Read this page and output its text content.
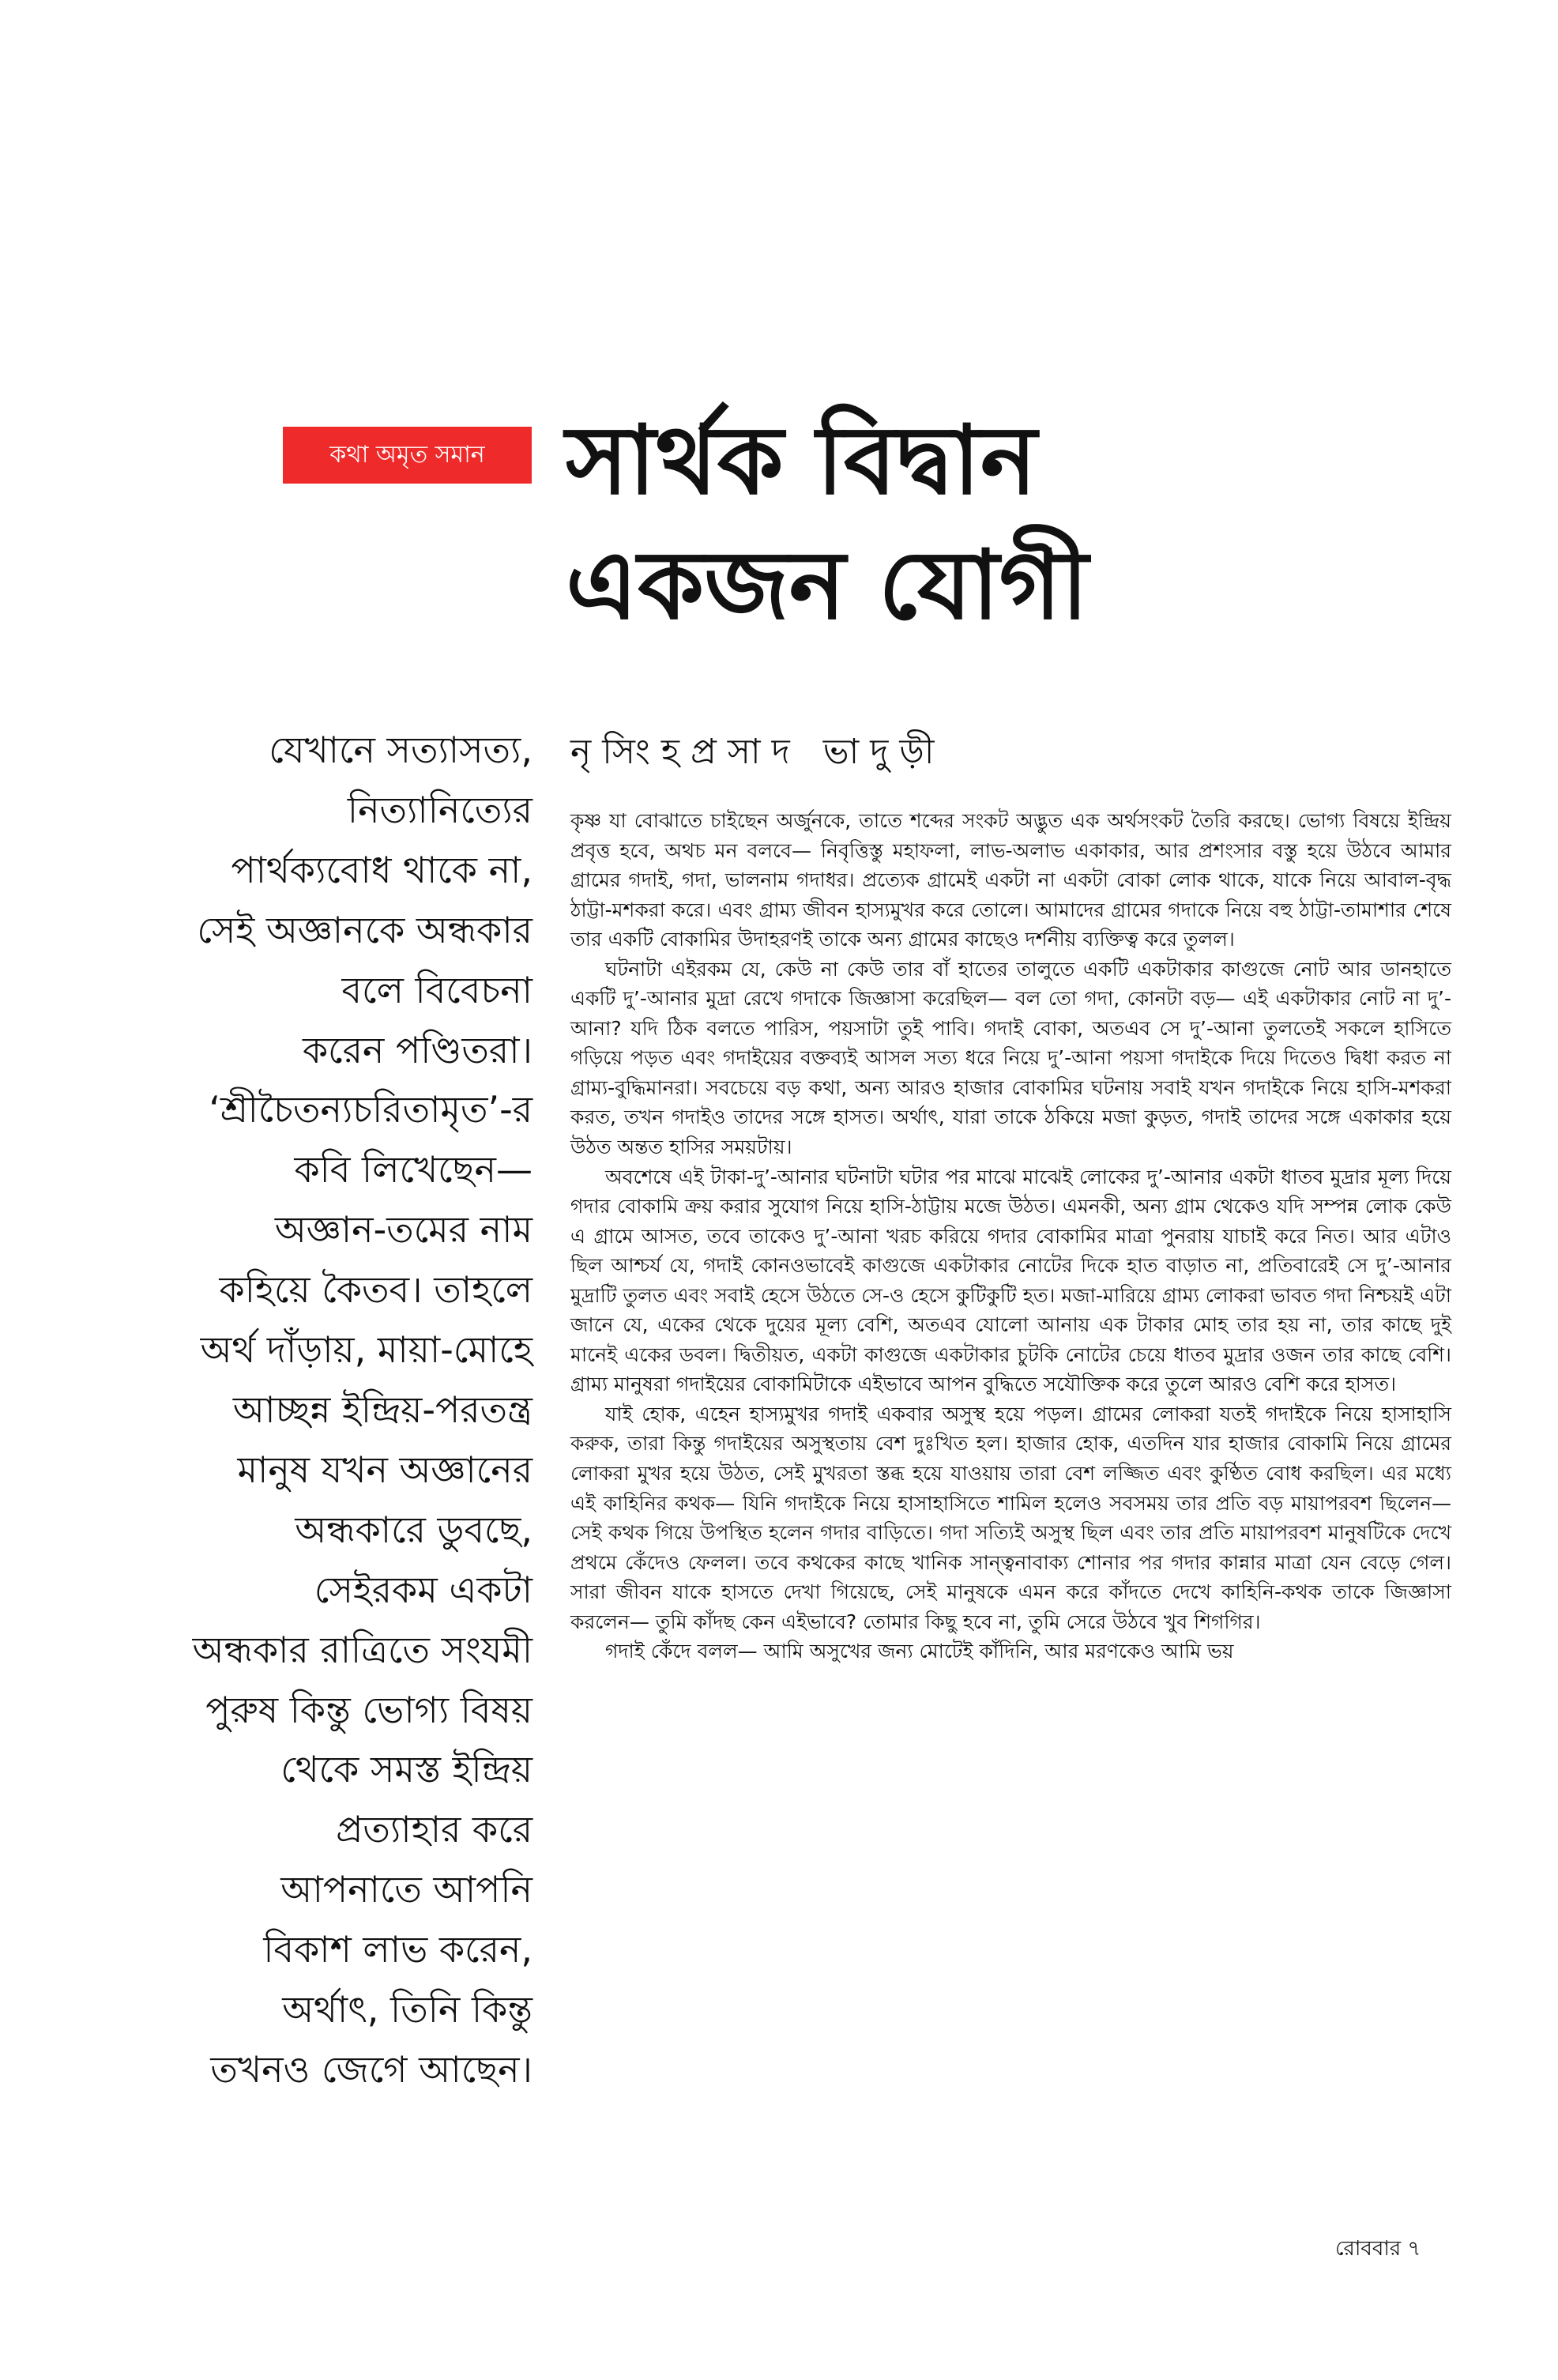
কথা অমৃত সমান সার্থক বিদ্বান
একজন যোগী
যেখানে সত্যাসত্য,
নিত্যানিত্যের
পার্থক্যবোধ থাকে না,
সেই অজ্ঞানকে অন্ধকার
বলে বিবেচনা
করেন পণ্ডিতরা।
‘শ্রীচৈতন্যচরিতামৃত’-র
কবি লিখেছেন—
অজ্ঞান-তমের নাম
কহিয়ে কৈতব। তাহলে
অর্থ দাঁড়ায়, মায়া-মোহে
আচ্ছন্ন ইন্দ্রিয়-পরতন্ত্র
মানুষ যখন অজ্ঞানের
অন্ধকারে ডুবছে,
সেইরকম একটা
অন্ধকার রাত্রিতে সংযমী
পুরুষ কিন্তু ভোগ্য বিষয়
থেকে সমস্ত ইন্দ্রিয়
প্রত্যাহার করে
আপনাতে আপনি
বিকাশ লাভ করেন,
অর্থাৎ, তিনি কিন্তু
তখনও জেগে আছেন।
নৃসিংহপ্রসাদ ভাদুড়ী

কৃষ্ণ যা বোঝাতে চাইছেন অর্জুনকে, তাতে শব্দের সংকট অদ্ভুত এক অর্থসংকট তৈরি করছে। ভোগ্য বিষয়ে ইন্দ্রিয় প্রবৃত্ত হবে, অথচ মন বলবে— নিবৃত্তিস্তু মহাফলা, লাভ-অলাভ একাকার, আর প্রশংসার বস্তু হয়ে উঠবে আমার গ্রামের গদাই, গদা, ভালনাম গদাধর। প্রত্যেক গ্রামেই একটা না একটা বোকা লোক থাকে, যাকে নিয়ে আবাল-বৃদ্ধ ঠাট্টা-মশকরা করে। এবং গ্রাম্য জীবন হাস্যমুখর করে তোলে। আমাদের গ্রামের গদাকে নিয়ে বহু ঠাট্টা-তামাশার শেষে তার একটি বোকামির উদাহরণই তাকে অন্য গ্রামের কাছেও দর্শনীয় ব্যক্তিত্ব করে তুলল।

ঘটনাটা এইরকম যে, কেউ না কেউ তার বাঁ হাতের তালুতে একটি একটাকার কাগুজে নোট আর ডানহাতে একটি দু’-আনার মুদ্রা রেখে গদাকে জিজ্ঞাসা করেছিল— বল তো গদা, কোনটা বড়— এই একটাকার নোট না দু’-আনা? যদি ঠিক বলতে পারিস, পয়সাটা তুই পাবি। গদাই বোকা, অতএব সে দু’-আনা তুলতেই সকলে হাসিতে গড়িয়ে পড়ত এবং গদাইয়ের বক্তব্যই আসল সত্য ধরে নিয়ে দু’-আনা পয়সা গদাইকে দিয়ে দিতেও দ্বিধা করত না গ্রাম্য-বুদ্ধিমানরা। সবচেয়ে বড় কথা, অন্য আরও হাজার বোকামির ঘটনায় সবাই যখন গদাইকে নিয়ে হাসি-মশকরা করত, তখন গদাইও তাদের সঙ্গে হাসত। অর্থাৎ, যারা তাকে ঠকিয়ে মজা কুড়ত, গদাই তাদের সঙ্গে একাকার হয়ে উঠত অন্তত হাসির সময়টায়।

অবশেষে এই টাকা-দু’-আনার ঘটনাটা ঘটার পর মাঝে মাঝেই লোকের দু’-আনার একটা ধাতব মুদ্রার মূল্য দিয়ে গদার বোকামি ক্রয় করার সুযোগ নিয়ে হাসি-ঠাট্টায় মজে উঠত। এমনকী, অন্য গ্রাম থেকেও যদি সম্পন্ন লোক কেউ এ গ্রামে আসত, তবে তাকেও দু’-আনা খরচ করিয়ে গদার বোকামির মাত্রা পুনরায় যাচাই করে নিত। আর এটাও ছিল আশ্চর্য যে, গদাই কোনওভাবেই কাগুজে একটাকার নোটের দিকে হাত বাড়াত না, প্রতিবারেই সে দু’-আনার মুদ্রাটি তুলত এবং সবাই হেসে উঠতে সে-ও হেসে কুটিকুটি হত। মজা-মারিয়ে গ্রাম্য লোকরা ভাবত গদা নিশ্চয়ই এটা জানে যে, একের থেকে দুয়ের মূল্য বেশি, অতএব যোলো আনায় এক টাকার মোহ তার হয় না, তার কাছে দুই মানেই একের ডবল। দ্বিতীয়ত, একটা কাগুজে একটাকার চুটকি নোটের চেয়ে ধাতব মুদ্রার ওজন তার কাছে বেশি। গ্রাম্য মানুষরা গদাইয়ের বোকামিটাকে এইভাবে আপন বুদ্ধিতে সযৌক্তিক করে তুলে আরও বেশি করে হাসত।

যাই হোক, এহেন হাস্যমুখর গদাই একবার অসুস্থ হয়ে পড়ল। গ্রামের লোকরা যতই গদাইকে নিয়ে হাসাহাসি করুক, তারা কিন্তু গদাইয়ের অসুস্থতায় বেশ দুঃখিত হল। হাজার হোক, এতদিন যার হাজার বোকামি নিয়ে গ্রামের লোকরা মুখর হয়ে উঠত, সেই মুখরতা স্তব্ধ হয়ে যাওয়ায় তারা বেশ লজ্জিত এবং কুণ্ঠিত বোধ করছিল। এর মধ্যে এই কাহিনির কথক— যিনি গদাইকে নিয়ে হাসাহাসিতে শামিল হলেও সবসময় তার প্রতি বড় মায়াপরবশ ছিলেন— সেই কথক গিয়ে উপস্থিত হলেন গদার বাড়িতে। গদা সত্যিই অসুস্থ ছিল এবং তার প্রতি মায়াপরবশ মানুষটিকে দেখে প্রথমে কেঁদেও ফেলল। তবে কথকের কাছে খানিক সান্ত্বনাবাক্য শোনার পর গদার কান্নার মাত্রা যেন বেড়ে গেল। সারা জীবন যাকে হাসতে দেখা গিয়েছে, সেই মানুষকে এমন করে কাঁদতে দেখে কাহিনি-কথক তাকে জিজ্ঞাসা করলেন— তুমি কাঁদছ কেন এইভাবে? তোমার কিছু হবে না, তুমি সেরে উঠবে খুব শিগগির।

গদাই কেঁদে বলল— আমি অসুখের জন্য মোটেই কাঁদিনি, আর মরণকেও আমি ভয়

রোববার ৭
